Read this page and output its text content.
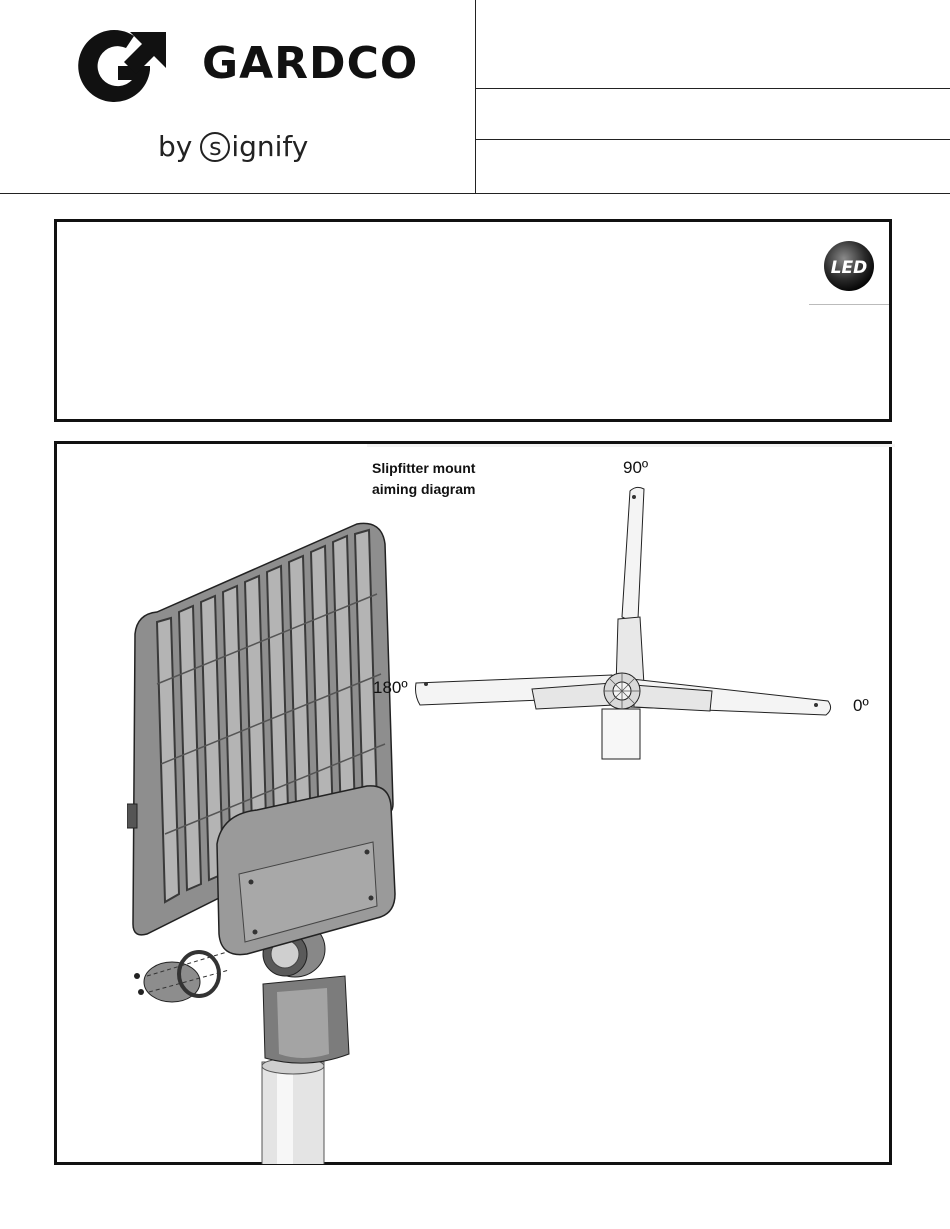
GARDCO
by s ignify
LED
Slipfitter mount
aiming diagram
90º
180º
0º
